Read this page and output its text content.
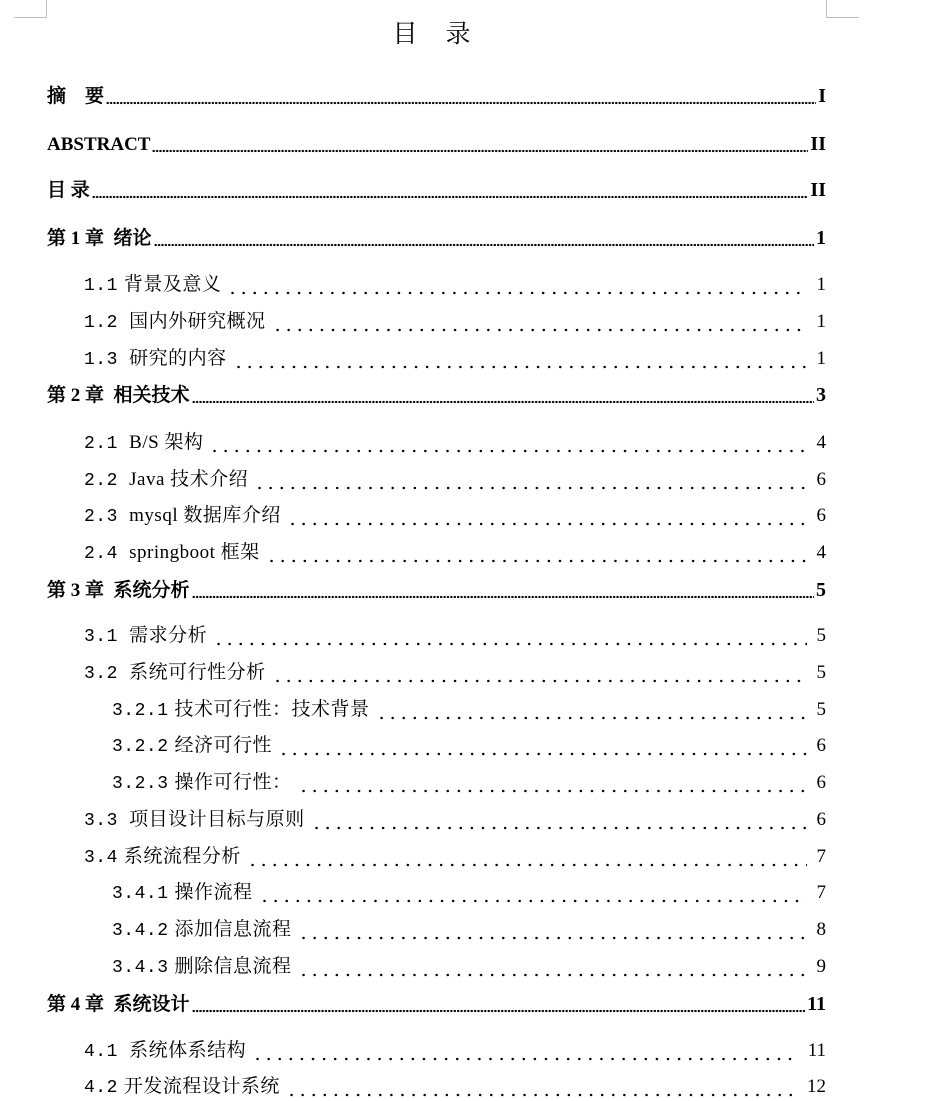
目 录
摘    要	I
ABSTRACT	II
目 录	II
第 1 章  绪论	1
1.1 背景及意义	1
1.2 国内外研究概况	1
1.3 研究的内容	1
第 2 章  相关技术	3
2.1 B/S 架构	4
2.2 Java 技术介绍	6
2.3 mysql 数据库介绍	6
2.4 springboot 框架	4
第 3 章  系统分析	5
3.1 需求分析	5
3.2 系统可行性分析	5
3.2.1 技术可行性：技术背景	5
3.2.2 经济可行性	6
3.2.3 操作可行性：	6
3.3 项目设计目标与原则	6
3.4 系统流程分析	7
3.4.1 操作流程	7
3.4.2 添加信息流程	8
3.4.3 删除信息流程	9
第 4 章  系统设计	11
4.1 系统体系结构	11
4.2 开发流程设计系统	12
